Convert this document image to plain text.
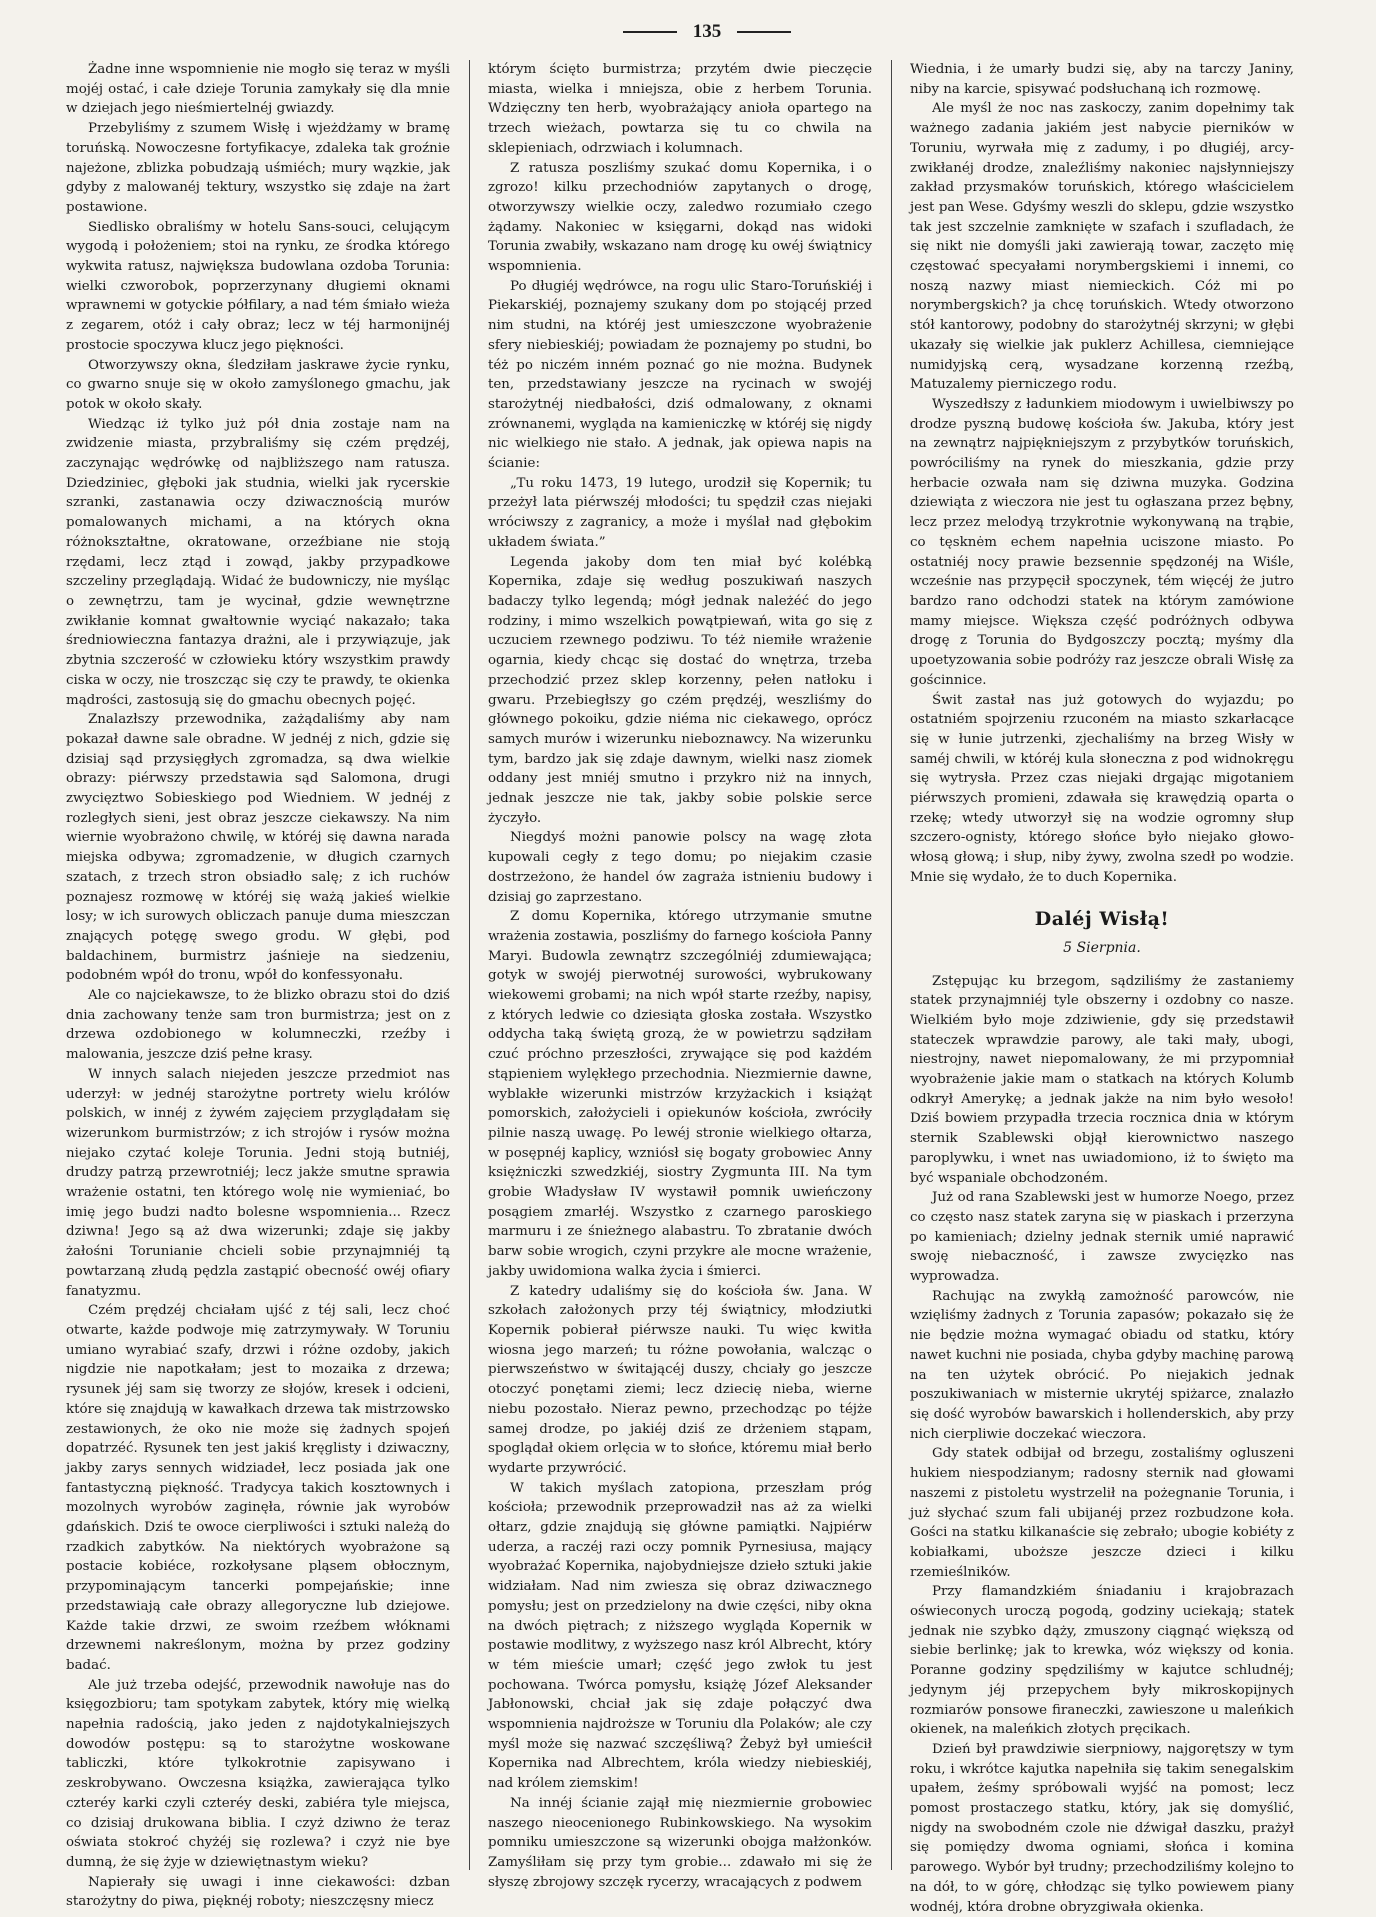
135

Żadne inne wspomnienie nie mogło się teraz w myśli mojéj ostać, i całe dzieje Torunia zamykały się dla mnie w dziejach jego nieśmiertelnéj gwiazdy.

Przebyliśmy z szumem Wisłę i wjeżdżamy w bramę toruńską. Nowoczesne fortyfikacye, zdaleka tak groźnie najeżone, zblizka pobudzają uśmiéch; mury wązkie, jak gdyby z malowanéj tektury, wszystko się zdaje na żart postawione.

Siedlisko obraliśmy w hotelu Sans-souci, celującym wygodą i położeniem; stoi na rynku, ze środka którego wykwita ratusz, największa budowlana ozdoba Torunia: wielki czworobok, poprzerzynany długiemi oknami wprawnemi w gotyckie półfilary, a nad tém śmiało wieża z zegarem, otóż i cały obraz; lecz w téj harmonijnéj prostocie spoczywa klucz jego piękności.

Otworzywszy okna, śledziłam jaskrawe życie rynku, co gwarno snuje się w około zamyślonego gmachu, jak potok w około skały.

Wiedząc iż tylko już pół dnia zostaje nam na zwidzenie miasta, przybraliśmy się czém prędzéj, zaczynając wędrówkę od najbliższego nam ratusza. Dziedziniec, głęboki jak studnia, wielki jak rycerskie szranki, zastanawia oczy dziwacznością murów pomalowanych michami, a na których okna różnokształtne, okratowane, orzeźbiane nie stoją rzędami, lecz ztąd i zowąd, jakby przypadkowe szczeliny przeglądają. Widać że budowniczy, nie myśląc o zewnętrzu, tam je wycinał, gdzie wewnętrzne zwikłanie komnat gwałtownie wyciąć nakazało; taka średniowieczna fantazya drażni, ale i przywiązuje, jak zbytnia szczerość w człowieku który wszystkim prawdy ciska w oczy, nie troszcząc się czy te prawdy, te okienka mądrości, zastosują się do gmachu obecnych pojęć.

Znalazłszy przewodnika, zażądaliśmy aby nam pokazał dawne sale obradne. W jednéj z nich, gdzie się dzisiaj sąd przysięgłych zgromadza, są dwa wielkie obrazy: piérwszy przedstawia sąd Salomona, drugi zwycięztwo Sobieskiego pod Wiedniem. W jednéj z rozległych sieni, jest obraz jeszcze ciekawszy. Na nim wiernie wyobrażono chwilę, w któréj się dawna narada miejska odbywa; zgromadzenie, w długich czarnych szatach, z trzech stron obsiadło salę; z ich ruchów poznajesz rozmowę w któréj się ważą jakieś wielkie losy; w ich surowych obliczach panuje duma mieszczan znających potęgę swego grodu. W głębi, pod baldachinem, burmistrz jaśnieje na siedzeniu, podobném wpół do tronu, wpół do konfessyonału.

Ale co najciekawsze, to że blizko obrazu stoi do dziś dnia zachowany tenże sam tron burmistrza; jest on z drzewa ozdobionego w kolumneczki, rzeźby i malowania, jeszcze dziś pełne krasy.

W innych salach niejeden jeszcze przedmiot nas uderzył: w jednéj starożytne portrety wielu królów polskich, w innéj z żywém zajęciem przyglądałam się wizerunkom burmistrzów; z ich strojów i rysów można niejako czytać koleje Torunia. Jedni stoją butniéj, drudzy patrzą przewrotniéj; lecz jakże smutne sprawia wrażenie ostatni, ten którego wolę nie wymieniać, bo imię jego budzi nadto bolesne wspomnienia... Rzecz dziwna! Jego są aż dwa wizerunki; zdaje się jakby żałośni Torunianie chcieli sobie przynajmniéj tą powtarzaną złudą pędzla zastąpić obecność owéj ofiary fanatyzmu.

Czém prędzéj chciałam ujść z téj sali, lecz choć otwarte, każde podwoje mię zatrzymywały. W Toruniu umiano wyrabiać szafy, drzwi i różne ozdoby, jakich nigdzie nie napotkałam; jest to mozaika z drzewa; rysunek jéj sam się tworzy ze słojów, kresek i odcieni, które się znajdują w kawałkach drzewa tak mistrzowsko zestawionych, że oko nie może się żadnych spojeń dopatrzéć. Rysunek ten jest jakiś kręglisty i dziwaczny, jakby zarys sennych widziadeł, lecz posiada jak one fantastyczną piękność. Tradycya takich kosztownych i mozolnych wyrobów zaginęła, równie jak wyrobów gdańskich. Dziś te owoce cierpliwości i sztuki należą do rzadkich zabytków. Na niektórych wyobrażone są postacie kobiéce, rozkołysane pląsem obłocznym, przypominającym tancerki pompejańskie; inne przedstawiają całe obrazy allegoryczne lub dziejowe. Każde takie drzwi, ze swoim rzeźbem włóknami drzewnemi nakreślonym, można by przez godziny badać.

Ale już trzeba odejść, przewodnik nawołuje nas do księgozbioru; tam spotykam zabytek, który mię wielką napełnia radością, jako jeden z najdotykalniejszych dowodów postępu: są to starożytne woskowane tabliczki, które tylkokrotnie zapisywano i zeskrobywano. Owczesna książka, zawierająca tylko czteréy karki czyli czteréy deski, zabiéra tyle miejsca, co dzisiaj drukowana biblia. I czyż dziwno że teraz oświata stokroć chyżéj się rozlewa? i czyż nie bye dumną, że się żyje w dziewiętnastym wieku?

Napierały się uwagi i inne ciekawości: dzban starożytny do piwa, pięknéj roboty; nieszczęsny miecz

którym ścięto burmistrza; przytém dwie pieczęcie miasta, wielka i mniejsza, obie z herbem Torunia. Wdzięczny ten herb, wyobrażający anioła opartego na trzech wieżach, powtarza się tu co chwila na sklepieniach, odrzwiach i kolumnach.

Z ratusza poszliśmy szukać domu Kopernika, i o zgrozo! kilku przechodniów zapytanych o drogę, otworzywszy wielkie oczy, zaledwo rozumiało czego żądamy. Nakoniec w księgarni, dokąd nas widoki Torunia zwabiły, wskazano nam drogę ku owéj świątnicy wspomnienia.

Po długiéj wędrówce, na rogu ulic Staro-Toruńskiéj i Piekarskiéj, poznajemy szukany dom po stojącéj przed nim studni, na któréj jest umieszczone wyobrażenie sfery niebieskiéj; powiadam że poznajemy po studni, bo téż po niczém inném poznać go nie można. Budynek ten, przedstawiany jeszcze na rycinach w swojéj starożytnéj niedbałości, dziś odmalowany, z oknami zrównanemi, wygląda na kamieniczkę w któréj się nigdy nic wielkiego nie stało. A jednak, jak opiewa napis na ścianie:

„Tu roku 1473, 19 lutego, urodził się Kopernik; tu przeżył lata piérwszéj młodości; tu spędził czas niejaki wróciwszy z zagranicy, a może i myślał nad głębokim układem świata.”

Legenda jakoby dom ten miał być kolébką Kopernika, zdaje się według poszukiwań naszych badaczy tylko legendą; mógł jednak należéć do jego rodziny, i mimo wszelkich powątpiewań, wita go się z uczuciem rzewnego podziwu. To téż niemiłe wrażenie ogarnia, kiedy chcąc się dostać do wnętrza, trzeba przechodzić przez sklep korzenny, pełen natłoku i gwaru. Przebiegłszy go czém prędzéj, weszliśmy do głównego pokoiku, gdzie niéma nic ciekawego, oprócz samych murów i wizerunku nieboznawcy. Na wizerunku tym, bardzo jak się zdaje dawnym, wielki nasz ziomek oddany jest mniéj smutno i przykro niż na innych, jednak jeszcze nie tak, jakby sobie polskie serce życzyło.

Niegdyś możni panowie polscy na wagę złota kupowali cegły z tego domu; po niejakim czasie dostrzeżono, że handel ów zagraża istnieniu budowy i dzisiaj go zaprzestano.

Z domu Kopernika, którego utrzymanie smutne wrażenia zostawia, poszliśmy do farnego kościoła Panny Maryi. Budowla zewnątrz szczególniéj zdumiewająca; gotyk w swojéj pierwotnéj surowości, wybrukowany wiekowemi grobami; na nich wpół starte rzeźby, napisy, z których ledwie co dziesiąta głoska została. Wszystko oddycha taką świętą grozą, że w powietrzu sądziłam czuć próchno przeszłości, zrywające się pod każdém stąpieniem wylękłego przechodnia. Niezmiernie dawne, wyblakłe wizerunki mistrzów krzyżackich i książąt pomorskich, założycieli i opiekunów kościoła, zwróciły pilnie naszą uwagę. Po lewéj stronie wielkiego ołtarza, w posępnéj kaplicy, wzniósł się bogaty grobowiec Anny księżniczki szwedzkiéj, siostry Zygmunta III. Na tym grobie Władysław IV wystawił pomnik uwieńczony posągiem zmarłéj. Wszystko z czarnego paroskiego marmuru i ze śnieżnego alabastru. To zbratanie dwóch barw sobie wrogich, czyni przykre ale mocne wrażenie, jakby uwidomiona walka życia i śmierci.

Z katedry udaliśmy się do kościoła św. Jana. W szkołach założonych przy téj świątnicy, młodziutki Kopernik pobierał piérwsze nauki. Tu więc kwitła wiosna jego marzeń; tu różne powołania, walcząc o pierwszeństwo w świtającéj duszy, chciały go jeszcze otoczyć ponętami ziemi; lecz dziecię nieba, wierne niebu pozostało. Nieraz pewno, przechodząc po téjże samej drodze, po jakiéj dziś ze drżeniem stąpam, spoglądał okiem orlęcia w to słońce, któremu miał berło wydarte przywrócić.

W takich myślach zatopiona, przeszłam próg kościoła; przewodnik przeprowadził nas aż za wielki ołtarz, gdzie znajdują się główne pamiątki. Najpiérw uderza, a raczéj razi oczy pomnik Pyrnesiusa, mający wyobrażać Kopernika, najobydniejsze dzieło sztuki jakie widziałam. Nad nim zwiesza się obraz dziwacznego pomysłu; jest on przedzielony na dwie części, niby okna na dwóch piętrach; z niższego wygląda Kopernik w postawie modlitwy, z wyższego nasz król Albrecht, który w tém mieście umarł; część jego zwłok tu jest pochowana. Twórca pomysłu, książę Józef Aleksander Jabłonowski, chciał jak się zdaje połączyć dwa wspomnienia najdroższe w Toruniu dla Polaków; ale czy myśl może się nazwać szczęśliwą? Żebyż był umieścił Kopernika nad Albrechtem, króla wiedzy niebieskiéj, nad królem ziemskim!

Na innéj ścianie zajął mię niezmiernie grobowiec naszego nieocenionego Rubinkowskiego. Na wysokim pomniku umieszczone są wizerunki obojga małżonków. Zamyśliłam się przy tym grobie... zdawało mi się że słyszę zbrojowy szczęk rycerzy, wracających z podwem

Wiednia, i że umarły budzi się, aby na tarczy Janiny, niby na karcie, spisywać podsłuchaną ich rozmowę.

Ale myśl że noc nas zaskoczy, zanim dopełnimy tak ważnego zadania jakiém jest nabycie pierników w Toruniu, wyrwała mię z zadumy, i po długiéj, arcy-zwikłanéj drodze, znaleźliśmy nakoniec najsłynniejszy zakład przysmaków toruńskich, którego właścicielem jest pan Wese. Gdyśmy weszli do sklepu, gdzie wszystko tak jest szczelnie zamknięte w szafach i szufladach, że się nikt nie domyśli jaki zawierają towar, zaczęto mię częstować specyałami norymbergskiemi i innemi, co noszą nazwy miast niemieckich. Cóż mi po norymbergskich? ja chcę toruńskich. Wtedy otworzono stół kantorowy, podobny do starożytnéj skrzyni; w głębi ukazały się wielkie jak puklerz Achillesa, ciemniejące numidyjską cerą, wysadzane korzenną rzeźbą, Matuzalemy pierniczego rodu.

Wyszedłszy z ładunkiem miodowym i uwielbiwszy po drodze pyszną budowę kościoła św. Jakuba, który jest na zewnątrz najpiękniejszym z przybytków toruńskich, powróciliśmy na rynek do mieszkania, gdzie przy herbacie ozwała nam się dziwna muzyka. Godzina dziewiąta z wieczora nie jest tu ogłaszana przez bębny, lecz przez melodyą trzykrotnie wykonywaną na trąbie, co tęsknėm echem napełnia uciszone miasto. Po ostatniéj nocy prawie bezsennie spędzonéj na Wiśle, wcześnie nas przypęcił spoczynek, tém więcéj że jutro bardzo rano odchodzi statek na którym zamówione mamy miejsce. Większa część podróżnych odbywa drogę z Torunia do Bydgoszczy pocztą; myśmy dla upoetyzowania sobie podróży raz jeszcze obrali Wisłę za gościnnice.

Świt zastał nas już gotowych do wyjazdu; po ostatniém spojrzeniu rzuconém na miasto szkarłacące się w łunie jutrzenki, zjechaliśmy na brzeg Wisły w saméj chwili, w któréj kula słoneczna z pod widnokręgu się wytrysła. Przez czas niejaki drgając migotaniem piérwszych promieni, zdawała się krawędzią oparta o rzekę; wtedy utworzył się na wodzie ogromny słup szczero-ognisty, którego słońce było niejako głowo-włosą głową; i słup, niby żywy, zwolna szedł po wodzie. Mnie się wydało, że to duch Kopernika.

Daléj Wisłą!
5 Sierpnia.

Zstępując ku brzegom, sądziliśmy że zastaniemy statek przynajmniéj tyle obszerny i ozdobny co nasze. Wielkiém było moje zdziwienie, gdy się przedstawił stateczek wprawdzie parowy, ale taki mały, ubogi, niestrojny, nawet niepomalowany, że mi przypomniał wyobrażenie jakie mam o statkach na których Kolumb odkrył Amerykę; a jednak jakże na nim było wesoło! Dziś bowiem przypadła trzecia rocznica dnia w którym sternik Szablewski objął kierownictwo naszego paroplywku, i wnet nas uwiadomiono, iż to święto ma być wspaniale obchodzoném.

Już od rana Szablewski jest w humorze Noego, przez co często nasz statek zaryna się w piaskach i przerzyna po kamieniach; dzielny jednak sternik umié naprawić swoję niebaczność, i zawsze zwycięzko nas wyprowadza.

Rachując na zwykłą zamożność parowców, nie wzięliśmy żadnych z Torunia zapasów; pokazało się że nie będzie można wymagać obiadu od statku, który nawet kuchni nie posiada, chyba gdyby machinę parową na ten użytek obrócić. Po niejakich jednak poszukiwaniach w misternie ukrytéj spiżarce, znalazło się dość wyrobów bawarskich i hollenderskich, aby przy nich cierpliwie doczekać wieczora.

Gdy statek odbijał od brzegu, zostaliśmy ogluszeni hukiem niespodzianym; radosny sternik nad głowami naszemi z pistoletu wystrzelił na pożegnanie Torunia, i już słychać szum fali ubijanéj przez rozbudzone koła. Gości na statku kilkanaście się zebrało; ubogie kobiéty z kobiałkami, uboższe jeszcze dzieci i kilku rzemieślników.

Przy flamandzkiém śniadaniu i krajobrazach oświeconych uroczą pogodą, godziny uciekają; statek jednak nie szybko dąży, zmuszony ciągnąć większą od siebie berlinkę; jak to krewka, wóz większy od konia. Poranne godziny spędziliśmy w kajutce schludnéj; jedynym jéj przepychem były mikroskopijnych rozmiarów ponsowe firaneczki, zawieszone u maleńkich okienek, na maleńkich złotych pręcikach.

Dzień był prawdziwie sierpniowy, najgorętszy w tym roku, i wkrótce kajutka napełniła się takim senegalskim upałem, żeśmy spróbowali wyjść na pomost; lecz pomost prostaczego statku, który, jak się domyślić, nigdy na swobodném czole nie dźwigał daszku, prażył się pomiędzy dwoma ogniami, słońca i komina parowego. Wybór był trudny; przechodziliśmy kolejno to na dół, to w górę, chłodząc się tylko powiewem piany wodnéj, która drobne obryzgiwała okienka.
